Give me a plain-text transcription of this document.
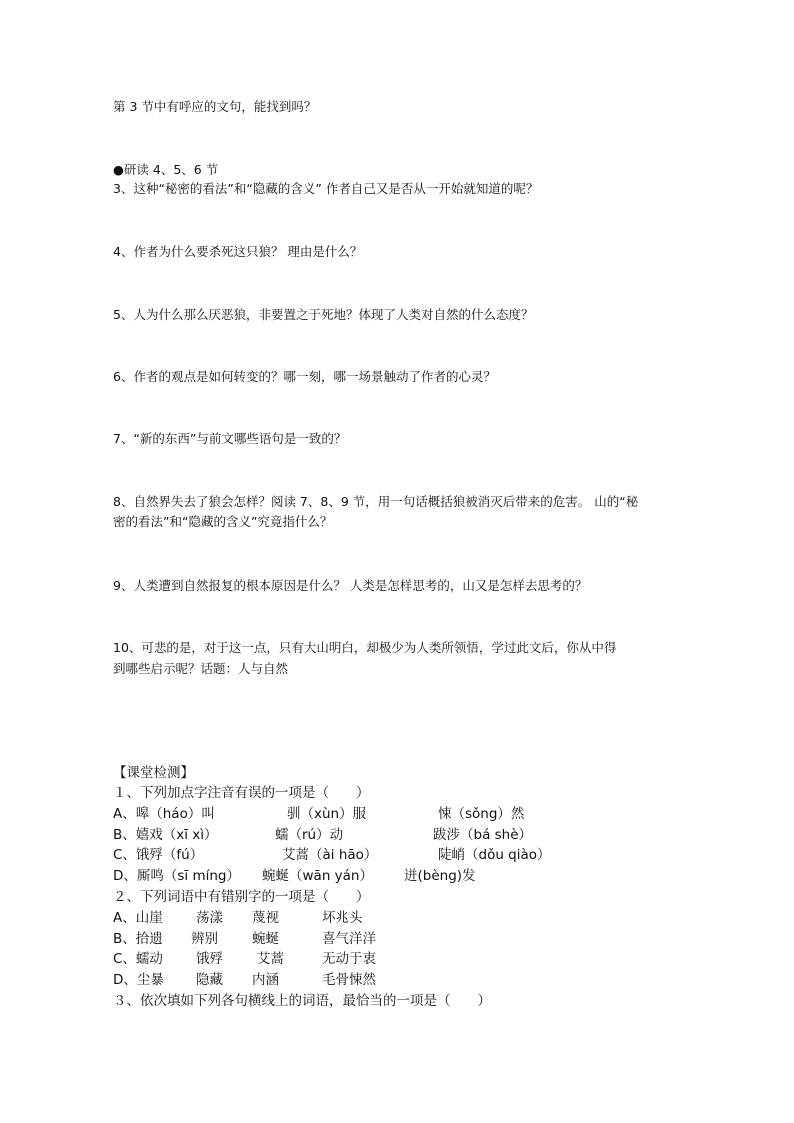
第 3 节中有呼应的文句，能找到吗？
●研读 4、5、6 节
3、这种“秘密的看法”和“隐藏的含义” 作者自己又是否从一开始就知道的呢？
4、作者为什么要杀死这只狼？ 理由是什么？
5、人为什么那么厌恶狼，非要置之于死地？体现了人类对自然的什么态度？
6、作者的观点是如何转变的？哪一刻，哪一场景触动了作者的心灵？
7、“新的东西”与前文哪些语句是一致的？
8、自然界失去了狼会怎样？阅读 7、8、9 节，用一句话概括狼被消灭后带来的危害。 山的“秘
密的看法”和“隐藏的含义”究竟指什么？
9、人类遭到自然报复的根本原因是什么？ 人类是怎样思考的，山又是怎样去思考的？
10、可悲的是，对于这一点，只有大山明白，却极少为人类所领悟，学过此文后，你从中得
到哪些启示呢？话题：人与自然
【课堂检测】
１、下列加点字注音有误的一项是（　　）
A、嗥（háo）叫	驯（xùn）服	悚（sǒng）然
B、嬉戏（xī xì）	蠕（rú）动	跋涉（bá shè）
C、饿殍（fú）	艾蒿（ài hāo）	陡峭（dǒu qiào）
D、厮鸣（sī míng） 蜿蜒（wān yán） 迸(bèng)发
２、下列词语中有错别字的一项是（　　）
A、山崖 荡漾 蔑视	坏兆头
B、拾遗 辨别	蜿蜒	喜气洋洋
C、蠕动 饿殍	艾蒿	无动于衷
D、尘暴 隐藏 内涵	毛骨悚然
３、依次填如下列各句横线上的词语，最恰当的一项是（　　）
